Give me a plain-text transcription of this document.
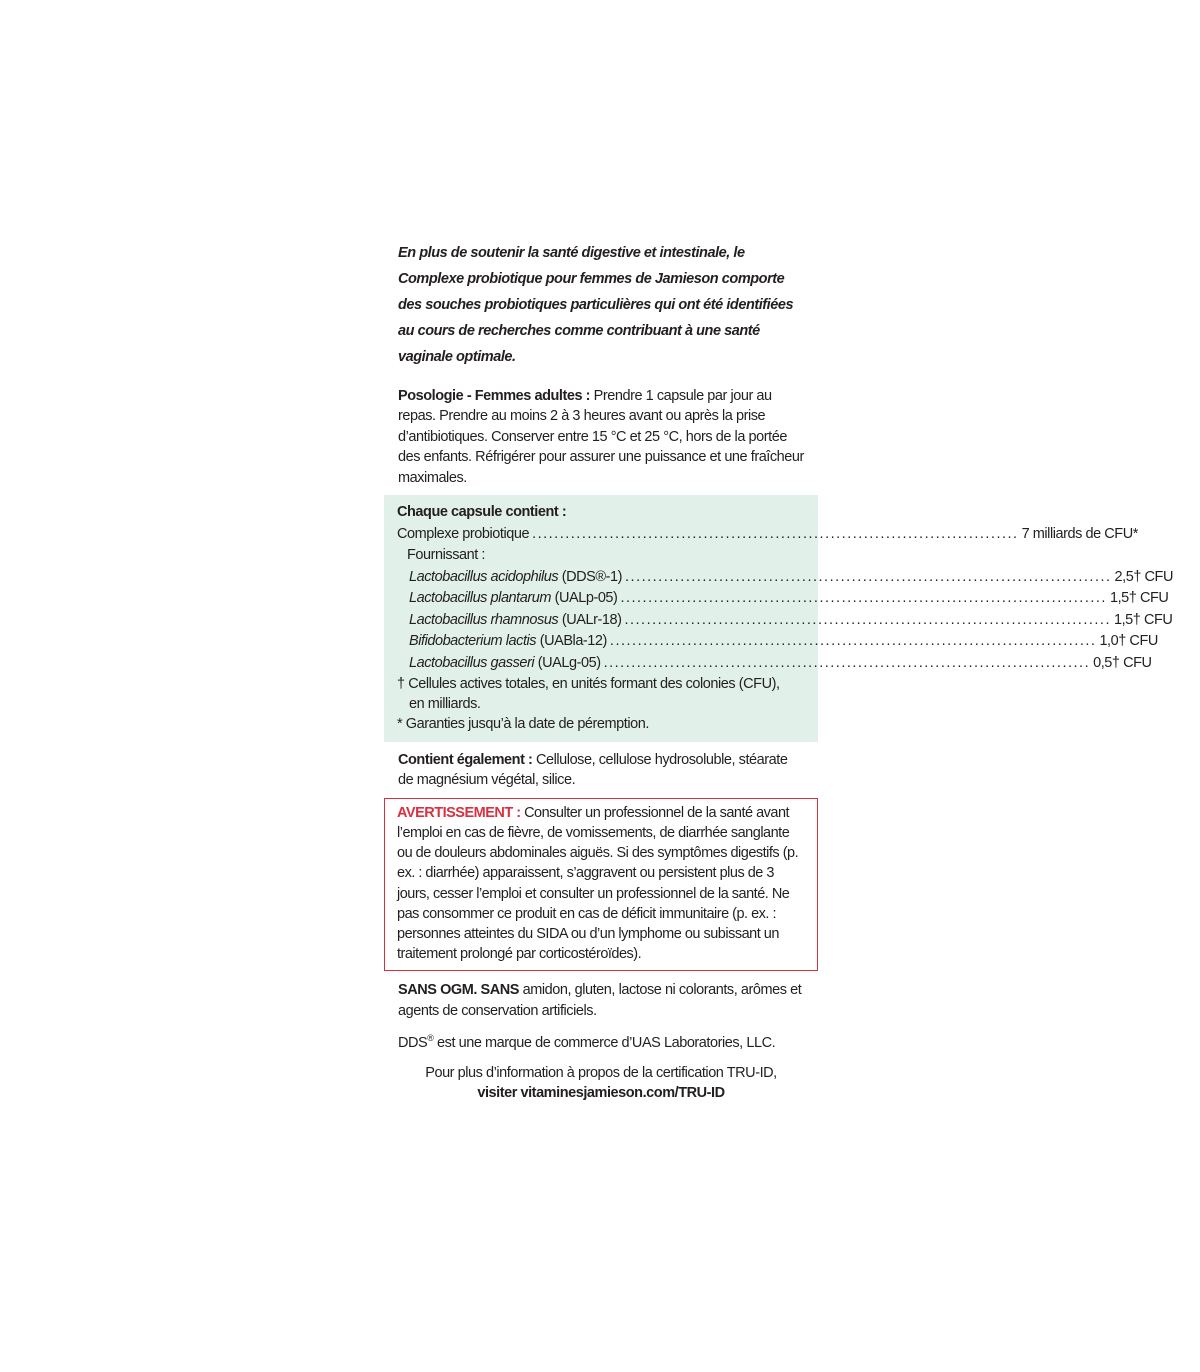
En plus de soutenir la santé digestive et intestinale, le Complexe probiotique pour femmes de Jamieson comporte des souches probiotiques particulières qui ont été identifiées au cours de recherches comme contribuant à une santé vaginale optimale.
Posologie - Femmes adultes : Prendre 1 capsule par jour au repas. Prendre au moins 2 à 3 heures avant ou après la prise d’antibiotiques. Conserver entre 15 °C et 25 °C, hors de la portée des enfants. Réfrigérer pour assurer une puissance et une fraîcheur maximales.
Chaque capsule contient :
Complexe probiotique ........................................................................................ 7 milliards de CFU*
Fournissant :
Lactobacillus acidophilus (DDS®-1) ........................................................................................ 2,5† CFU
Lactobacillus plantarum (UALp-05) ........................................................................................ 1,5† CFU
Lactobacillus rhamnosus (UALr-18) ........................................................................................ 1,5† CFU
Bifidobacterium lactis (UABla-12) ........................................................................................ 1,0† CFU
Lactobacillus gasseri (UALg-05) ........................................................................................ 0,5† CFU
† Cellules actives totales, en unités formant des colonies (CFU),
en milliards.
* Garanties jusqu’à la date de péremption.
Contient également : Cellulose, cellulose hydrosoluble, stéarate de magnésium végétal, silice.
AVERTISSEMENT : Consulter un professionnel de la santé avant l’emploi en cas de fièvre, de vomissements, de diarrhée sanglante ou de douleurs abdominales aiguës. Si des symptômes digestifs (p. ex. : diarrhée) apparaissent, s’aggravent ou persistent plus de 3 jours, cesser l’emploi et consulter un professionnel de la santé. Ne pas consommer ce produit en cas de déficit immunitaire (p. ex. : personnes atteintes du SIDA ou d’un lymphome ou subissant un traitement prolongé par corticostéroïdes).
SANS OGM. SANS amidon, gluten, lactose ni colorants, arômes et agents de conservation artificiels.
DDS® est une marque de commerce d’UAS Laboratories, LLC.
Pour plus d’information à propos de la certification TRU-ID,
visiter vitaminesjamieson.com/TRU-ID
